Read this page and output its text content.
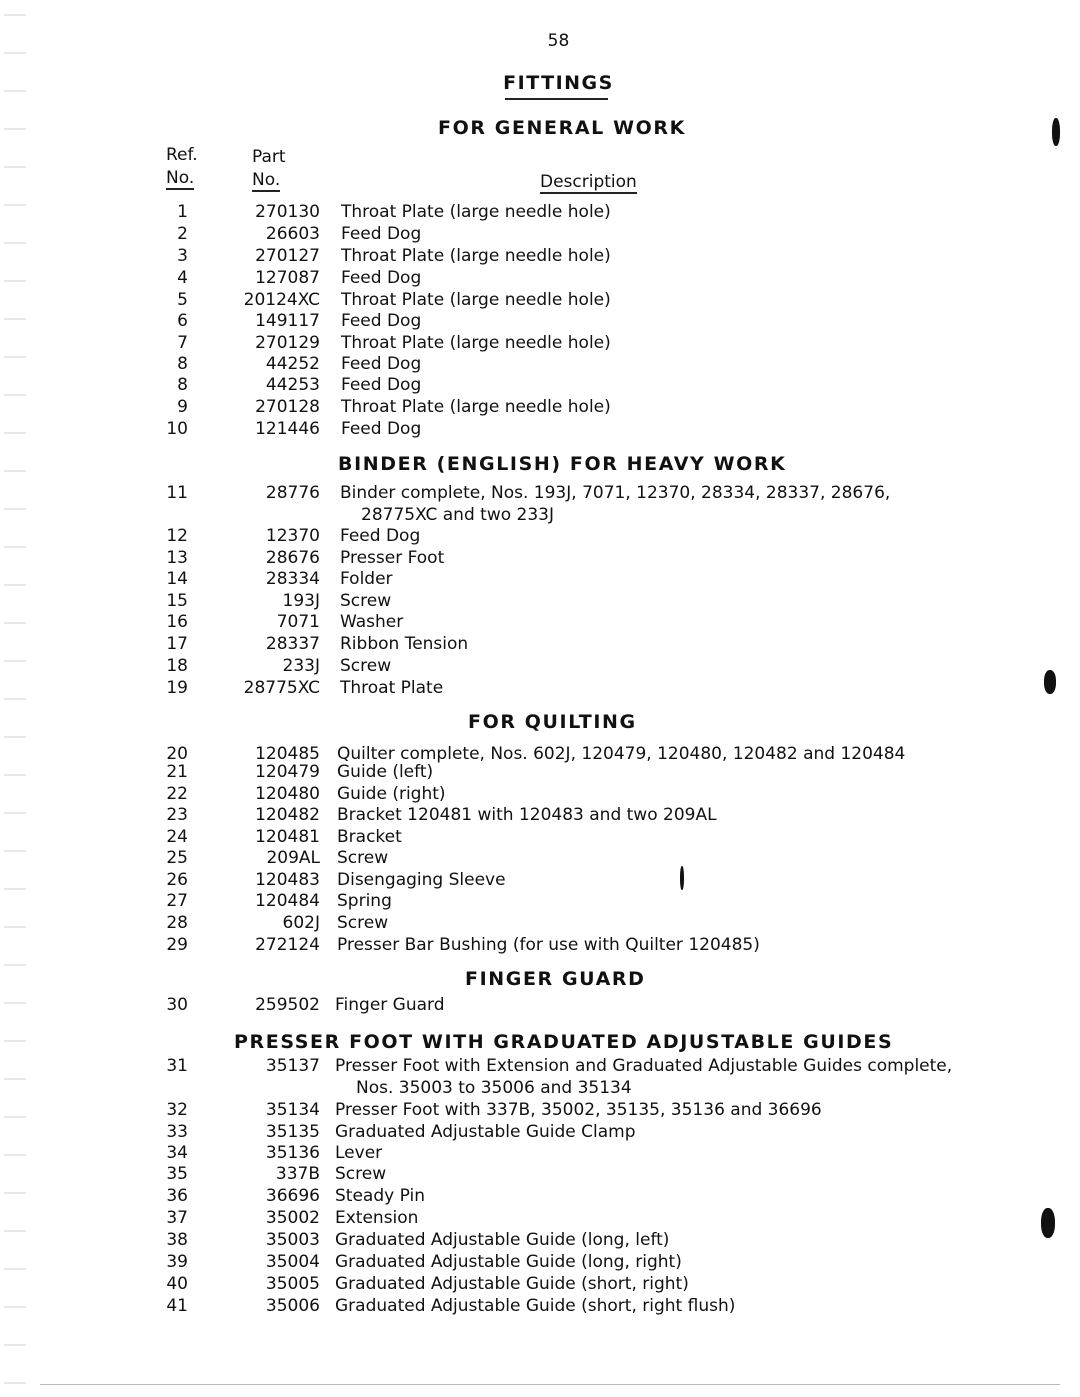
58
FITTINGS
Ref.
No.
Part
No.	Description
FOR GENERAL WORK
1	270130 Throat Plate (large needle hole)
2	26603 Feed Dog
3	270127 Throat Plate (large needle hole)
4	127087 Feed Dog
5	20124XC Throat Plate (large needle hole)
6	149117 Feed Dog
7	270129 Throat Plate (large needle hole)
8	44252 Feed Dog
8	44253 Feed Dog
9	270128 Throat Plate (large needle hole)
10	121446 Feed Dog
BINDER (ENGLISH) FOR HEAVY WORK
11	28776 Binder complete, Nos. 193J, 7071, 12370, 28334, 28337, 28676,
28775XC and two 233J
12	12370 Feed Dog
13	28676 Presser Foot
14	28334 Folder
15	193J Screw
16	7071 Washer
17	28337 Ribbon Tension
18	233J Screw
19	28775XC Throat Plate
FOR QUILTING
20	120485 Quilter complete, Nos. 602J, 120479, 120480, 120482 and 120484
21	120479 Guide (left)
22	120480 Guide (right)
23	120482 Bracket 120481 with 120483 and two 209AL
24	120481 Bracket
25	209AL Screw
26	120483 Disengaging Sleeve
27	120484 Spring
28	602J Screw
29	272124 Presser Bar Bushing (for use with Quilter 120485)
FINGER GUARD
30	259502 Finger Guard
PRESSER FOOT WITH GRADUATED ADJUSTABLE GUIDES
31	35137 Presser Foot with Extension and Graduated Adjustable Guides complete,
Nos. 35003 to 35006 and 35134
32	35134 Presser Foot with 337B, 35002, 35135, 35136 and 36696
33	35135 Graduated Adjustable Guide Clamp
34	35136 Lever
35	337B Screw
36	36696 Steady Pin
37	35002 Extension
38	35003 Graduated Adjustable Guide (long, left)
39	35004 Graduated Adjustable Guide (long, right)
40	35005 Graduated Adjustable Guide (short, right)
41	35006 Graduated Adjustable Guide (short, right flush)
